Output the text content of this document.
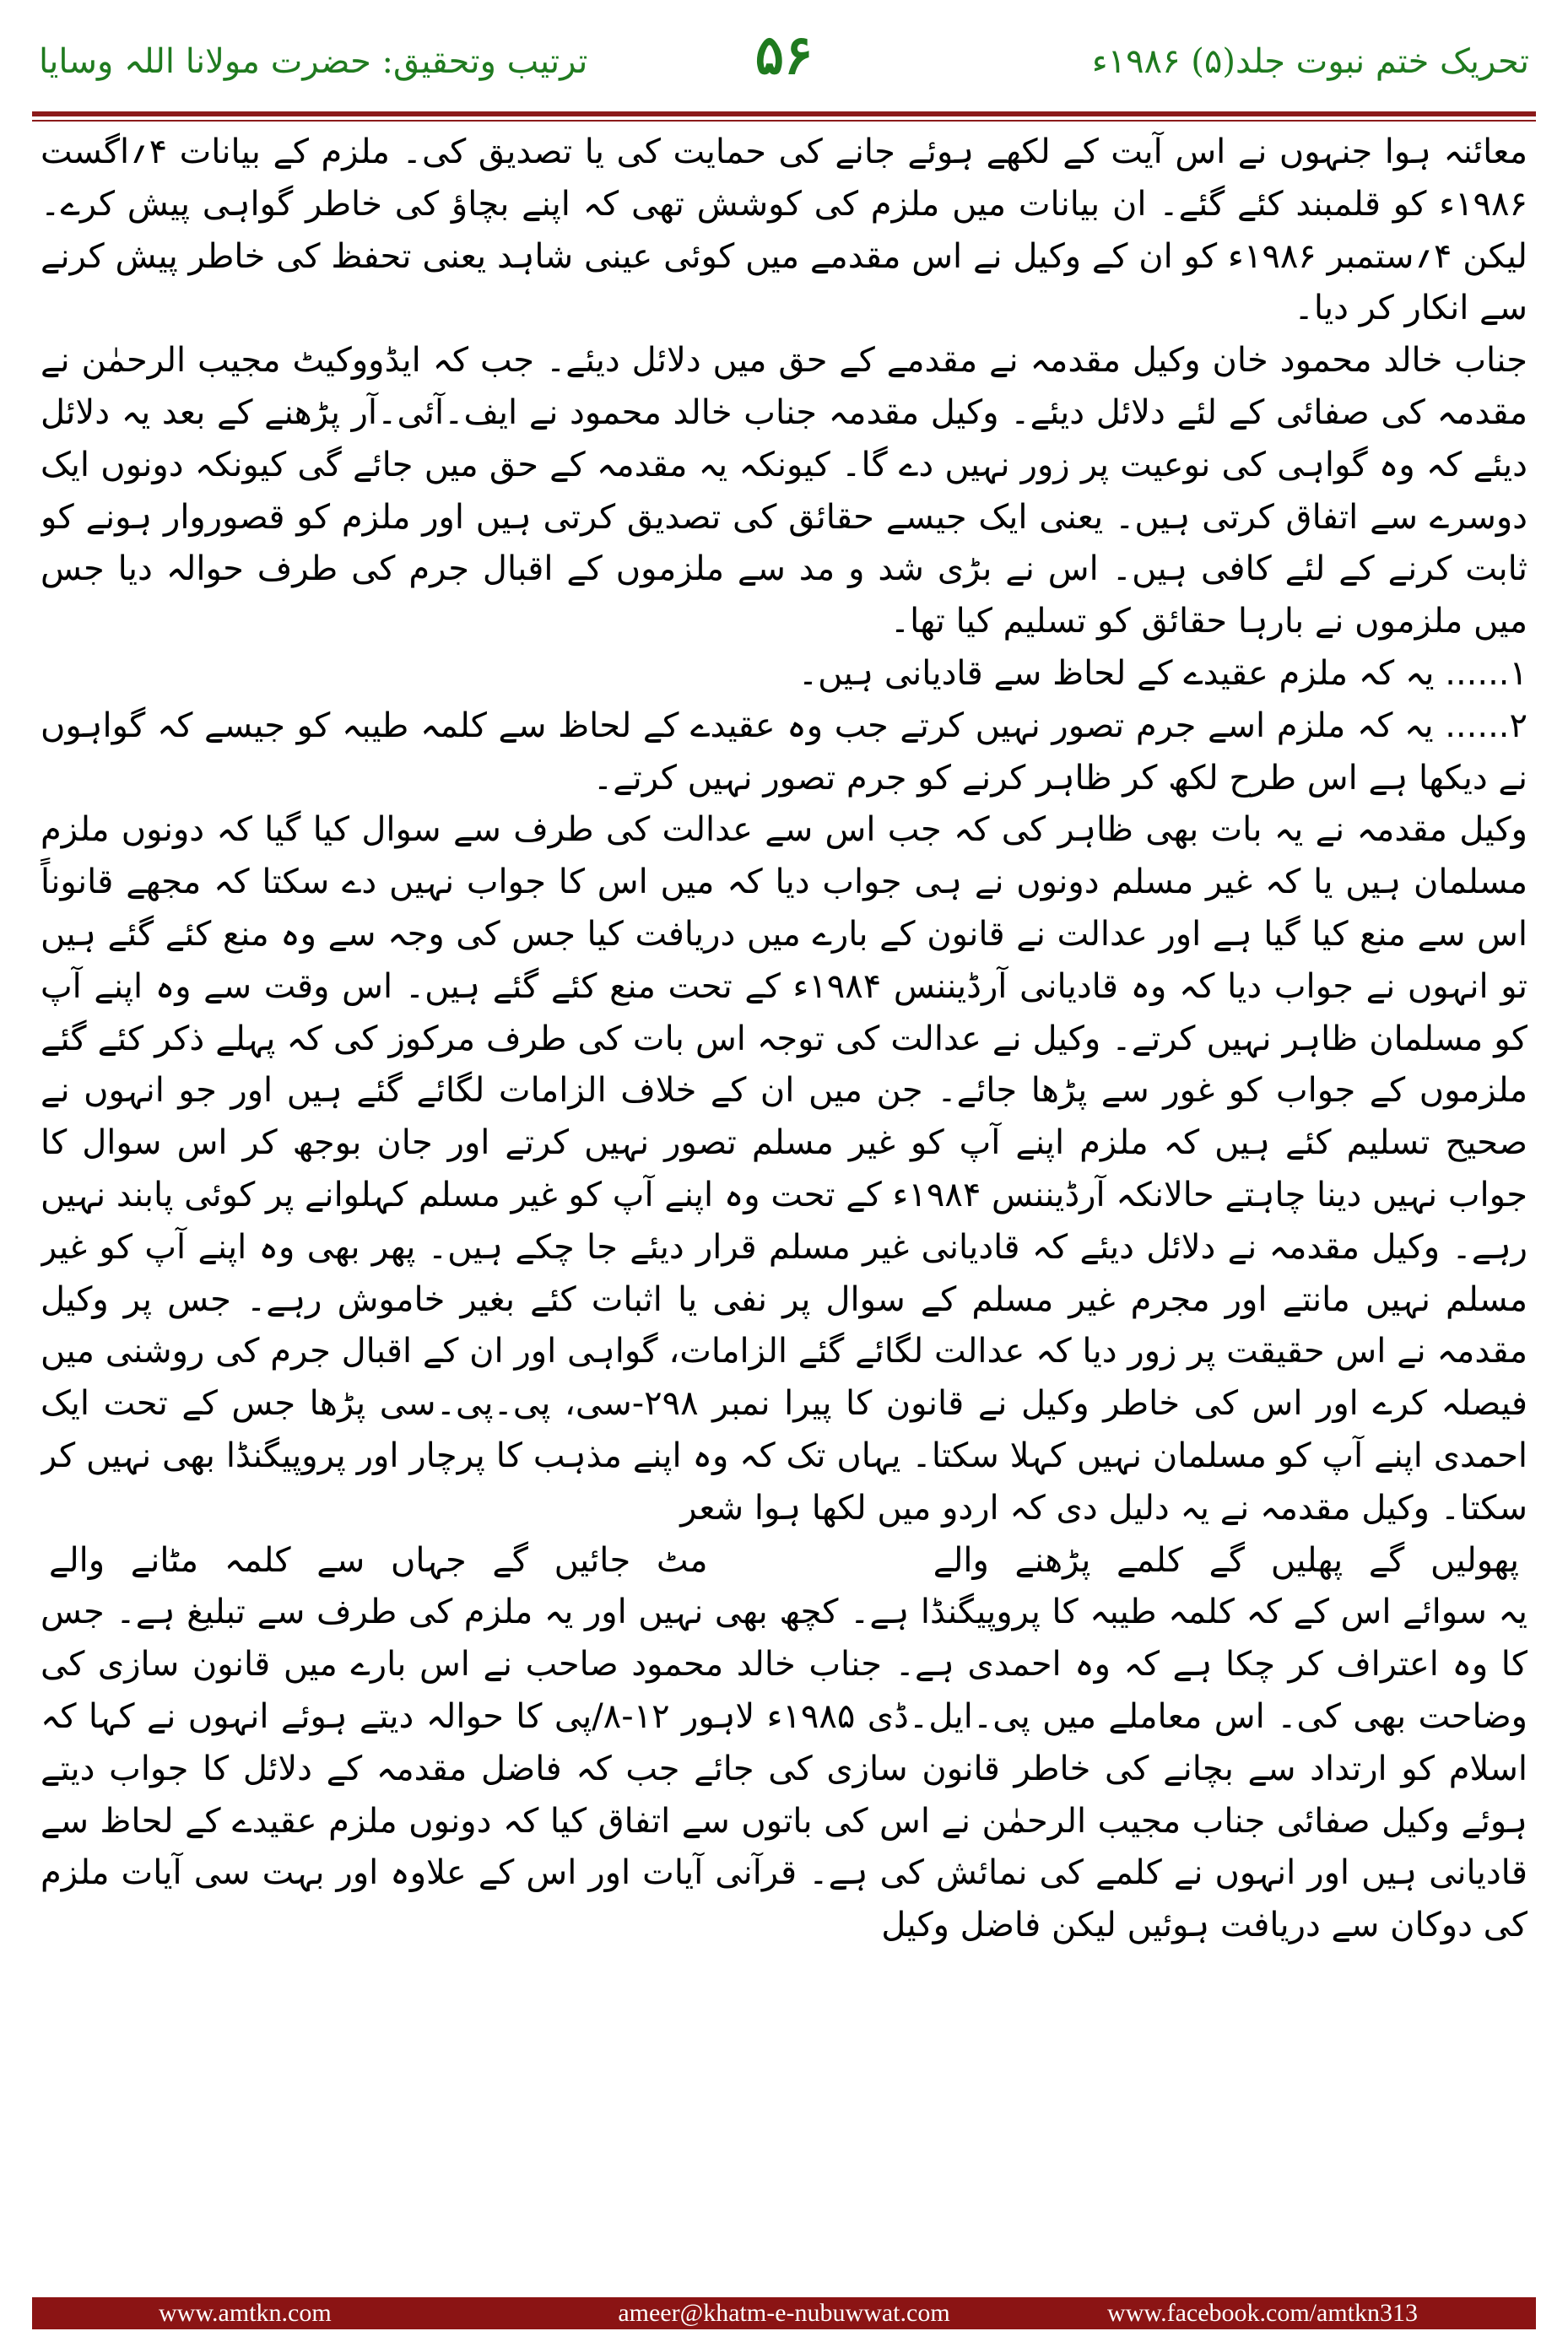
ترتیب وتحقیق: حضرت مولانا اللہ وسایا	۵۶	تحریک ختم نبوت جلد(۵) ۱۹۸۶ء

معائنہ ہوا جنہوں نے اس آیت کے لکھے ہوئے جانے کی حمایت کی یا تصدیق کی۔ ملزم کے بیانات ۴؍اگست ۱۹۸۶ء کو قلمبند کئے گئے۔ ان بیانات میں ملزم کی کوشش تھی کہ اپنے بچاؤ کی خاطر گواہی پیش کرے۔ لیکن ۴؍ستمبر ۱۹۸۶ء کو ان کے وکیل نے اس مقدمے میں کوئی عینی شاہد یعنی تحفظ کی خاطر پیش کرنے سے انکار کر دیا۔

جناب خالد محمود خان وکیل مقدمہ نے مقدمے کے حق میں دلائل دیئے۔ جب کہ ایڈووکیٹ مجیب الرحمٰن نے مقدمہ کی صفائی کے لئے دلائل دیئے۔ وکیل مقدمہ جناب خالد محمود نے ایف۔آئی۔آر پڑھنے کے بعد یہ دلائل دیئے کہ وہ گواہی کی نوعیت پر زور نہیں دے گا۔ کیونکہ یہ مقدمہ کے حق میں جائے گی کیونکہ دونوں ایک دوسرے سے اتفاق کرتی ہیں۔ یعنی ایک جیسے حقائق کی تصدیق کرتی ہیں اور ملزم کو قصوروار ہونے کو ثابت کرنے کے لئے کافی ہیں۔ اس نے بڑی شد و مد سے ملزموں کے اقبال جرم کی طرف حوالہ دیا جس میں ملزموں نے بارہا حقائق کو تسلیم کیا تھا۔

۱...... یہ کہ ملزم عقیدے کے لحاظ سے قادیانی ہیں۔

۲...... یہ کہ ملزم اسے جرم تصور نہیں کرتے جب وہ عقیدے کے لحاظ سے کلمہ طیبہ کو جیسے کہ گواہوں نے دیکھا ہے اس طرح لکھ کر ظاہر کرنے کو جرم تصور نہیں کرتے۔

وکیل مقدمہ نے یہ بات بھی ظاہر کی کہ جب اس سے عدالت کی طرف سے سوال کیا گیا کہ دونوں ملزم مسلمان ہیں یا کہ غیر مسلم دونوں نے ہی جواب دیا کہ میں اس کا جواب نہیں دے سکتا کہ مجھے قانوناً اس سے منع کیا گیا ہے اور عدالت نے قانون کے بارے میں دریافت کیا جس کی وجہ سے وہ منع کئے گئے ہیں تو انہوں نے جواب دیا کہ وہ قادیانی آرڈیننس ۱۹۸۴ء کے تحت منع کئے گئے ہیں۔ اس وقت سے وہ اپنے آپ کو مسلمان ظاہر نہیں کرتے۔ وکیل نے عدالت کی توجہ اس بات کی طرف مرکوز کی کہ پہلے ذکر کئے گئے ملزموں کے جواب کو غور سے پڑھا جائے۔ جن میں ان کے خلاف الزامات لگائے گئے ہیں اور جو انہوں نے صحیح تسلیم کئے ہیں کہ ملزم اپنے آپ کو غیر مسلم تصور نہیں کرتے اور جان بوجھ کر اس سوال کا جواب نہیں دینا چاہتے حالانکہ آرڈیننس ۱۹۸۴ء کے تحت وہ اپنے آپ کو غیر مسلم کہلوانے پر کوئی پابند نہیں رہے۔ وکیل مقدمہ نے دلائل دیئے کہ قادیانی غیر مسلم قرار دیئے جا چکے ہیں۔ پھر بھی وہ اپنے آپ کو غیر مسلم نہیں مانتے اور مجرم غیر مسلم کے سوال پر نفی یا اثبات کئے بغیر خاموش رہے۔ جس پر وکیل مقدمہ نے اس حقیقت پر زور دیا کہ عدالت لگائے گئے الزامات، گواہی اور ان کے اقبال جرم کی روشنی میں فیصلہ کرے اور اس کی خاطر وکیل نے قانون کا پیرا نمبر ۲۹۸-سی، پی۔پی۔سی پڑھا جس کے تحت ایک احمدی اپنے آپ کو مسلمان نہیں کہلا سکتا۔ یہاں تک کہ وہ اپنے مذہب کا پرچار اور پروپیگنڈا بھی نہیں کر سکتا۔ وکیل مقدمہ نے یہ دلیل دی کہ اردو میں لکھا ہوا شعر

پھولیں گے پھلیں گے کلمے پڑھنے والے
مٹ جائیں گے جہاں سے کلمہ مٹانے والے

یہ سوائے اس کے کہ کلمہ طیبہ کا پروپیگنڈا ہے۔ کچھ بھی نہیں اور یہ ملزم کی طرف سے تبلیغ ہے۔ جس کا وہ اعتراف کر چکا ہے کہ وہ احمدی ہے۔ جناب خالد محمود صاحب نے اس بارے میں قانون سازی کی وضاحت بھی کی۔ اس معاملے میں پی۔ایل۔ڈی ۱۹۸۵ء لاہور ۱۲-۸/پی کا حوالہ دیتے ہوئے انہوں نے کہا کہ اسلام کو ارتداد سے بچانے کی خاطر قانون سازی کی جائے جب کہ فاضل مقدمہ کے دلائل کا جواب دیتے ہوئے وکیل صفائی جناب مجیب الرحمٰن نے اس کی باتوں سے اتفاق کیا کہ دونوں ملزم عقیدے کے لحاظ سے قادیانی ہیں اور انہوں نے کلمے کی نمائش کی ہے۔ قرآنی آیات اور اس کے علاوہ اور بہت سی آیات ملزم کی دوکان سے دریافت ہوئیں لیکن فاضل وکیل

www.amtkn.com	ameer@khatm-e-nubuwwat.com	www.facebook.com/amtkn313
